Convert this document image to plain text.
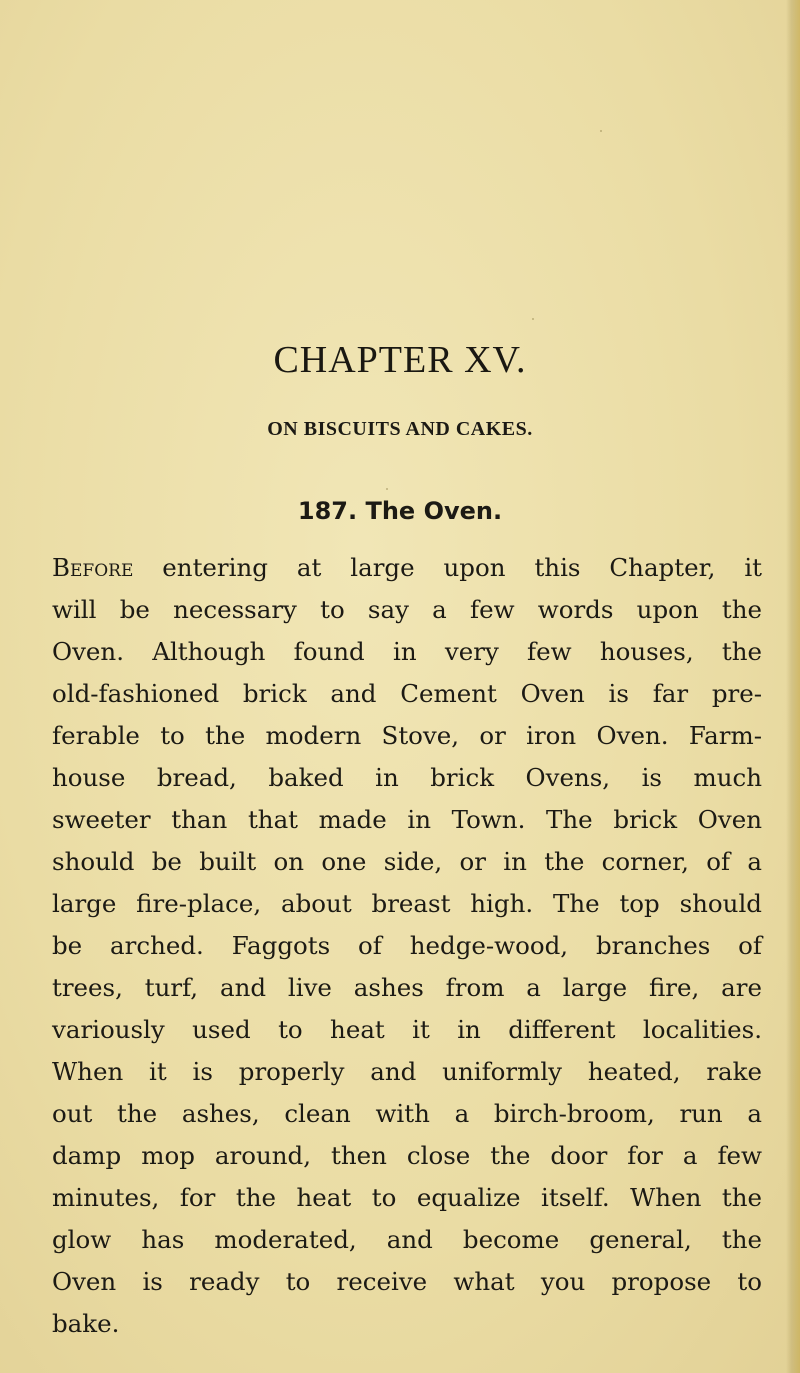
CHAPTER XV.
ON BISCUITS AND CAKES.
187. The Oven.
Before entering at large upon this Chapter, it
will be necessary to say a few words upon the
Oven. Although found in very few houses, the
old-fashioned brick and Cement Oven is far pre-
ferable to the modern Stove, or iron Oven. Farm-
house bread, baked in brick Ovens, is much
sweeter than that made in Town. The brick Oven
should be built on one side, or in the corner, of a
large fire-place, about breast high. The top should
be arched. Faggots of hedge-wood, branches of
trees, turf, and live ashes from a large fire, are
variously used to heat it in different localities.
When it is properly and uniformly heated, rake
out the ashes, clean with a birch-broom, run a
damp mop around, then close the door for a few
minutes, for the heat to equalize itself. When the
glow has moderated, and become general, the
Oven is ready to receive what you propose to
bake.
